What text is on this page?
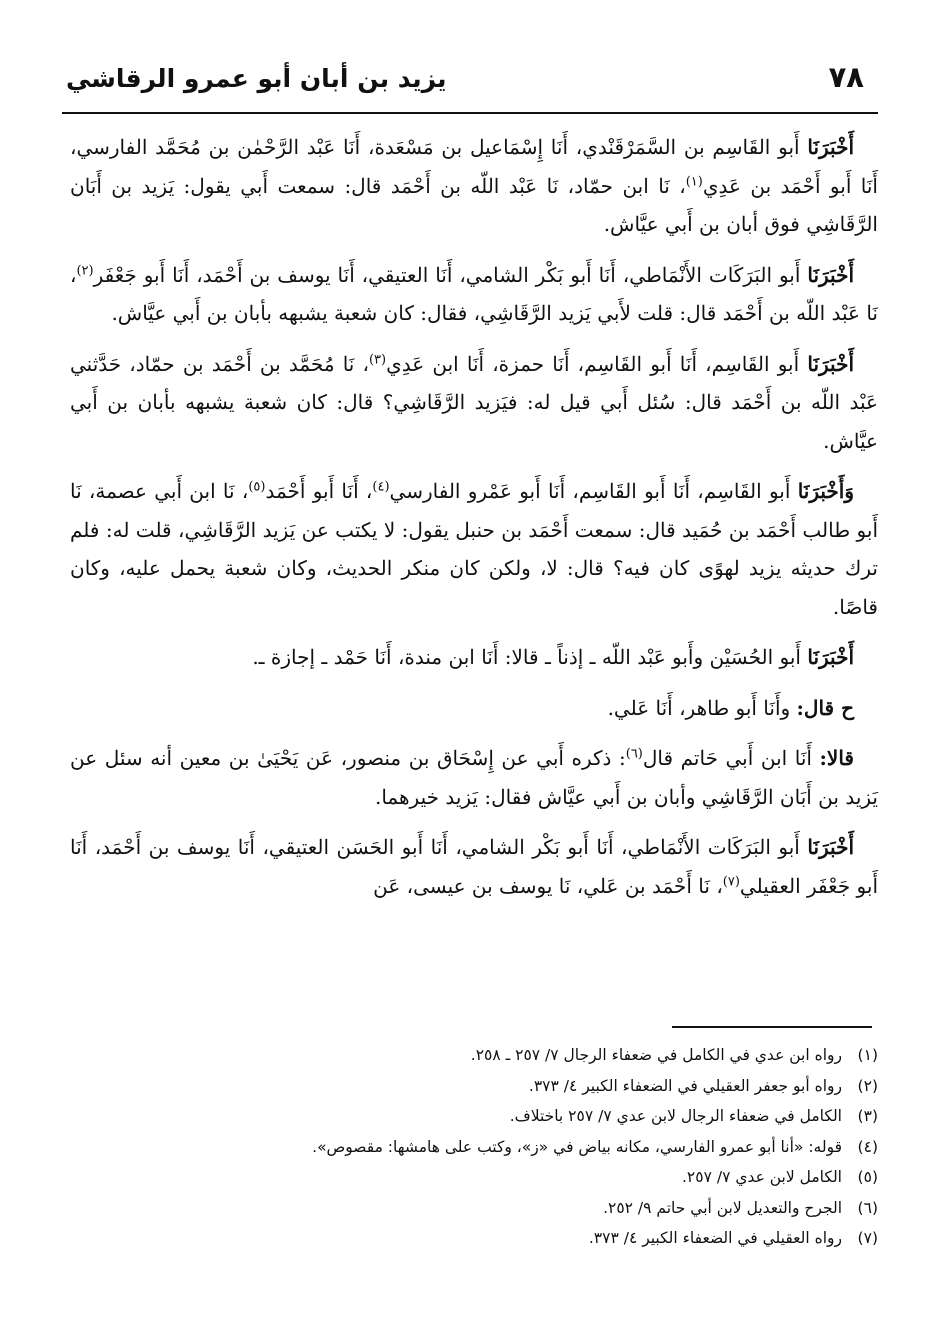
٧٨
يزيد بن أبان أبو عمرو الرقاشي

أَخْبَرَنَا أَبو القَاسِم بن السَّمَرْقَنْدي، أَنَا إِسْمَاعيل بن مَسْعَدة، أَنَا عَبْد الرَّحْمٰن بن مُحَمَّد الفارسي، أَنَا أَبو أَحْمَد بن عَدِي$^{(١)}$، نَا ابن حمّاد، نَا عَبْد اللّه بن أَحْمَد قال: سمعت أَبي يقول: يَزيد بن أَبَان الرَّقَاشِي فوق أبان بن أَبي عيَّاش.

أَخْبَرَنَا أَبو البَرَكَات الأَنْمَاطي، أَنَا أَبو بَكْر الشامي، أَنَا العتيقي، أَنَا يوسف بن أَحْمَد، أَنَا أَبو جَعْفَر$^{(٢)}$، نَا عَبْد اللّه بن أَحْمَد قال: قلت لأَبي يَزيد الرَّقَاشِي، فقال: كان شعبة يشبهه بأبان بن أَبي عيَّاش.

أَخْبَرَنَا أَبو القَاسِم، أَنَا أَبو القَاسِم، أَنَا حمزة، أَنَا ابن عَدِي$^{(٣)}$، نَا مُحَمَّد بن أَحْمَد بن حمّاد، حَدَّثني عَبْد اللّه بن أَحْمَد قال: سُئل أَبي قيل له: فيَزيد الرَّقَاشِي؟ قال: كان شعبة يشبهه بأبان بن أَبي عيَّاش.

وَأَخْبَرَنَا أَبو القَاسِم، أَنَا أَبو القَاسِم، أَنَا أَبو عَمْرو الفارسي$^{(٤)}$، أَنَا أَبو أَحْمَد$^{(٥)}$، نَا ابن أَبي عصمة، نَا أَبو طالب أَحْمَد بن حُمَيد قال: سمعت أَحْمَد بن حنبل يقول: لا يكتب عن يَزيد الرَّقَاشِي، قلت له: فلم ترك حديثه يزيد لهوًى كان فيه؟ قال: لا، ولكن كان منكر الحديث، وكان شعبة يحمل عليه، وكان قاصًا.

أَخْبَرَنَا أَبو الحُسَيْن وأَبو عَبْد اللّه ـ إذناً ـ قالا: أَنَا ابن مندة، أَنَا حَمْد ـ إجازة ـ.

ح قال: وأَنَا أَبو طاهر، أَنَا عَلي.

قالا: أَنَا ابن أَبي حَاتم قال$^{(٦)}$: ذكره أَبي عن إِسْحَاق بن منصور، عَن يَحْيَىٰ بن معين أنه سئل عن يَزيد بن أَبَان الرَّقَاشِي وأبان بن أَبي عيَّاش فقال: يَزيد خيرهما.

أَخْبَرَنَا أَبو البَرَكَات الأَنْمَاطي، أَنَا أَبو بَكْر الشامي، أَنَا أَبو الحَسَن العتيقي، أَنَا يوسف بن أَحْمَد، أَنَا أَبو جَعْفَر العقيلي$^{(٧)}$، نَا أَحْمَد بن عَلي، نَا يوسف بن عيسى، عَن

(١)رواه ابن عدي في الكامل في ضعفاء الرجال ٧/ ٢٥٧ ـ ٢٥٨.
(٢)رواه أبو جعفر العقيلي في الضعفاء الكبير ٤/ ٣٧٣.
(٣)الكامل في ضعفاء الرجال لابن عدي ٧/ ٢٥٧ باختلاف.
(٤)قوله: «أنا أبو عمرو الفارسي، مكانه بياض في «ز»، وكتب على هامشها: مقصوص».
(٥)الكامل لابن عدي ٧/ ٢٥٧.
(٦)الجرح والتعديل لابن أبي حاتم ٩/ ٢٥٢.
(٧)رواه العقيلي في الضعفاء الكبير ٤/ ٣٧٣.
